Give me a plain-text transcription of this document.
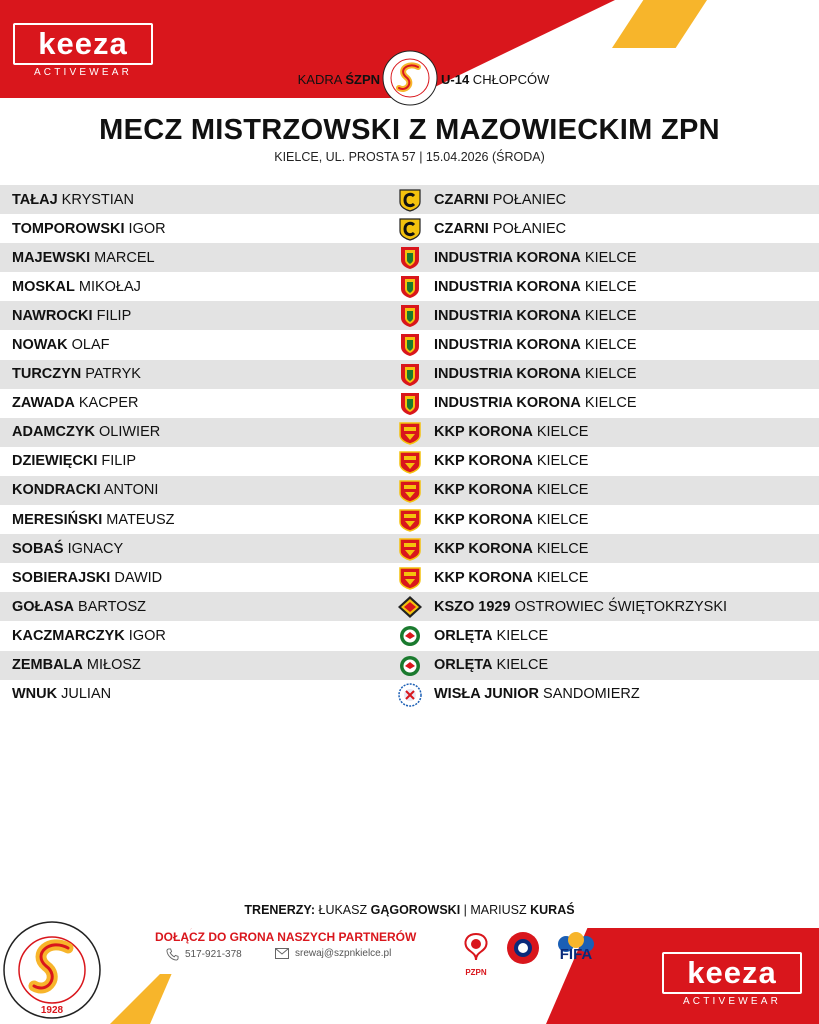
keeza
ACTIVEWEAR	KADRA ŚZPN	U-14 CHŁOPCÓW
MECZ MISTRZOWSKI Z MAZOWIECKIM ZPN
KIELCE, UL. PROSTA 57 | 15.04.2026 (ŚRODA)
TAŁAJ KRYSTIAN	CZARNI POŁANIEC
TOMPOROWSKI IGOR	CZARNI POŁANIEC
MAJEWSKI MARCEL	INDUSTRIA KORONA KIELCE
MOSKAL MIKOŁAJ	INDUSTRIA KORONA KIELCE
NAWROCKI FILIP	INDUSTRIA KORONA KIELCE
NOWAK OLAF	INDUSTRIA KORONA KIELCE
TURCZYN PATRYK	INDUSTRIA KORONA KIELCE
ZAWADA KACPER	INDUSTRIA KORONA KIELCE
ADAMCZYK OLIWIER	KKP KORONA KIELCE
DZIEWIĘCKI FILIP	KKP KORONA KIELCE
KONDRACKI ANTONI	KKP KORONA KIELCE
MERESIŃSKI MATEUSZ	KKP KORONA KIELCE
SOBAŚ IGNACY	KKP KORONA KIELCE
SOBIERAJSKI DAWID	KKP KORONA KIELCE
GOŁASA BARTOSZ	KSZO 1929 OSTROWIEC ŚWIĘTOKRZYSKI
KACZMARCZYK IGOR	ORLĘTA KIELCE
ZEMBALA MIŁOSZ	ORLĘTA KIELCE
WNUK JULIAN	WISŁA JUNIOR SANDOMIERZ
TRENERZY: ŁUKASZ GĄGOROWSKI | MARIUSZ KURAŚ
DOŁĄCZ DO GRONA NASZYCH PARTNERÓW
517-921-378	srewaj@szpnkielce.pl
PZPN
FIFA
1928
keeza
ACTIVEWEAR
